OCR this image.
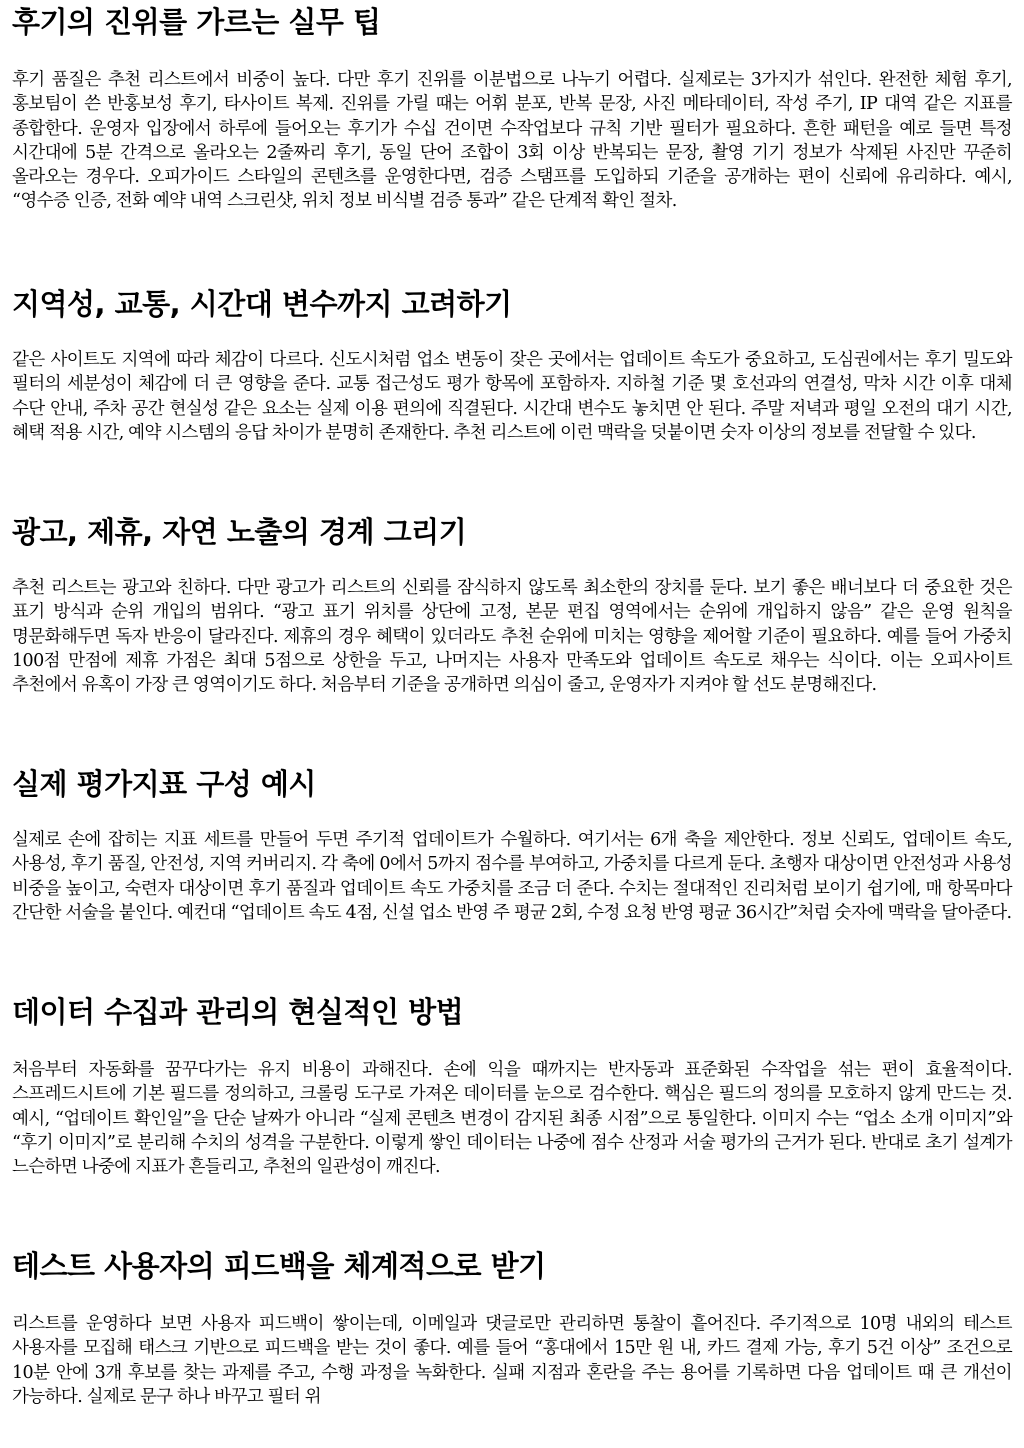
후기의 진위를 가르는 실무 팁

후기 품질은 추천 리스트에서 비중이 높다. 다만 후기 진위를 이분법으로 나누기 어렵다. 실제로는 3가지가 섞인다. 완전한 체험 후기, 홍보팀이 쓴 반홍보성 후기, 타사이트 복제. 진위를 가릴 때는 어휘 분포, 반복 문장, 사진 메타데이터, 작성 주기, IP 대역 같은 지표를 종합한다. 운영자 입장에서 하루에 들어오는 후기가 수십 건이면 수작업보다 규칙 기반 필터가 필요하다. 흔한 패턴을 예로 들면 특정 시간대에 5분 간격으로 올라오는 2줄짜리 후기, 동일 단어 조합이 3회 이상 반복되는 문장, 촬영 기기 정보가 삭제된 사진만 꾸준히 올라오는 경우다. 오피가이드 스타일의 콘텐츠를 운영한다면, 검증 스탬프를 도입하되 기준을 공개하는 편이 신뢰에 유리하다. 예시, “영수증 인증, 전화 예약 내역 스크린샷, 위치 정보 비식별 검증 통과” 같은 단계적 확인 절차.

지역성, 교통, 시간대 변수까지 고려하기

같은 사이트도 지역에 따라 체감이 다르다. 신도시처럼 업소 변동이 잦은 곳에서는 업데이트 속도가 중요하고, 도심권에서는 후기 밀도와 필터의 세분성이 체감에 더 큰 영향을 준다. 교통 접근성도 평가 항목에 포함하자. 지하철 기준 몇 호선과의 연결성, 막차 시간 이후 대체 수단 안내, 주차 공간 현실성 같은 요소는 실제 이용 편의에 직결된다. 시간대 변수도 놓치면 안 된다. 주말 저녁과 평일 오전의 대기 시간, 혜택 적용 시간, 예약 시스템의 응답 차이가 분명히 존재한다. 추천 리스트에 이런 맥락을 덧붙이면 숫자 이상의 정보를 전달할 수 있다.

광고, 제휴, 자연 노출의 경계 그리기

추천 리스트는 광고와 친하다. 다만 광고가 리스트의 신뢰를 잠식하지 않도록 최소한의 장치를 둔다. 보기 좋은 배너보다 더 중요한 것은 표기 방식과 순위 개입의 범위다. “광고 표기 위치를 상단에 고정, 본문 편집 영역에서는 순위에 개입하지 않음” 같은 운영 원칙을 명문화해두면 독자 반응이 달라진다. 제휴의 경우 혜택이 있더라도 추천 순위에 미치는 영향을 제어할 기준이 필요하다. 예를 들어 가중치 100점 만점에 제휴 가점은 최대 5점으로 상한을 두고, 나머지는 사용자 만족도와 업데이트 속도로 채우는 식이다. 이는 오피사이트 추천에서 유혹이 가장 큰 영역이기도 하다. 처음부터 기준을 공개하면 의심이 줄고, 운영자가 지켜야 할 선도 분명해진다.

실제 평가지표 구성 예시

실제로 손에 잡히는 지표 세트를 만들어 두면 주기적 업데이트가 수월하다. 여기서는 6개 축을 제안한다. 정보 신뢰도, 업데이트 속도, 사용성, 후기 품질, 안전성, 지역 커버리지. 각 축에 0에서 5까지 점수를 부여하고, 가중치를 다르게 둔다. 초행자 대상이면 안전성과 사용성 비중을 높이고, 숙련자 대상이면 후기 품질과 업데이트 속도 가중치를 조금 더 준다. 수치는 절대적인 진리처럼 보이기 쉽기에, 매 항목마다 간단한 서술을 붙인다. 예컨대 “업데이트 속도 4점, 신설 업소 반영 주 평균 2회, 수정 요청 반영 평균 36시간”처럼 숫자에 맥락을 달아준다.

데이터 수집과 관리의 현실적인 방법

처음부터 자동화를 꿈꾸다가는 유지 비용이 과해진다. 손에 익을 때까지는 반자동과 표준화된 수작업을 섞는 편이 효율적이다. 스프레드시트에 기본 필드를 정의하고, 크롤링 도구로 가져온 데이터를 눈으로 검수한다. 핵심은 필드의 정의를 모호하지 않게 만드는 것. 예시, “업데이트 확인일”을 단순 날짜가 아니라 “실제 콘텐츠 변경이 감지된 최종 시점”으로 통일한다. 이미지 수는 “업소 소개 이미지”와 “후기 이미지”로 분리해 수치의 성격을 구분한다. 이렇게 쌓인 데이터는 나중에 점수 산정과 서술 평가의 근거가 된다. 반대로 초기 설계가 느슨하면 나중에 지표가 흔들리고, 추천의 일관성이 깨진다.

테스트 사용자의 피드백을 체계적으로 받기

리스트를 운영하다 보면 사용자 피드백이 쌓이는데, 이메일과 댓글로만 관리하면 통찰이 흩어진다. 주기적으로 10명 내외의 테스트 사용자를 모집해 태스크 기반으로 피드백을 받는 것이 좋다. 예를 들어 “홍대에서 15만 원 내, 카드 결제 가능, 후기 5건 이상” 조건으로 10분 안에 3개 후보를 찾는 과제를 주고, 수행 과정을 녹화한다. 실패 지점과 혼란을 주는 용어를 기록하면 다음 업데이트 때 큰 개선이 가능하다. 실제로 문구 하나 바꾸고 필터 위
